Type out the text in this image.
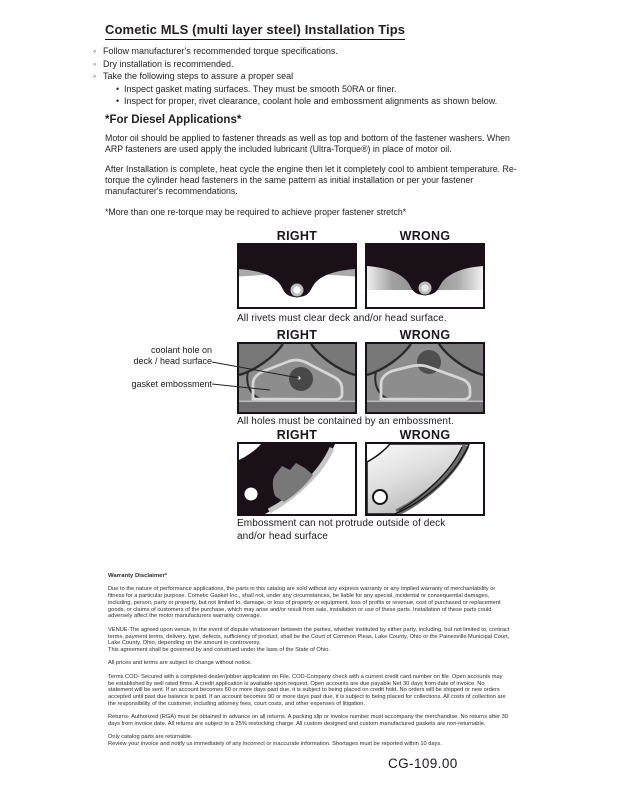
Cometic MLS (multi layer steel) Installation Tips
◦ Follow manufacturer's recommended torque specifications.
◦ Dry installation is recommended.
◦ Take the following steps to assure a proper seal
• Inspect gasket mating surfaces. They must be smooth 50RA or finer.
• Inspect for proper, rivet clearance, coolant hole and embossment alignments as shown below.
*For Diesel Applications*
Motor oil should be applied to fastener threads as well as top and bottom of the fastener washers. When ARP fasteners are used apply the included lubricant (Ultra-Torque®) in place of motor oil.
After Installation is complete, heat cycle the engine then let it completely cool to ambient temperature. Re-torque the cylinder head fasteners in the same pattern as initial installation or per your fastener manufacturer's recommendations.
*More than one re-torque may be required to achieve proper fastener stretch*
RIGHT	WRONG
All rivets must clear deck and/or head surface.
RIGHT	WRONG
coolant hole on
deck / head surface
gasket embossment
All holes must be contained by an embossment.
RIGHT	WRONG
Embossment can not protrude outside of deck
and/or head surface
Warranty Disclaimer*

Due to the nature of performance applications, the parts in this catalog are sold without any express warranty or any implied warranty of merchantability or fitness for a particular purpose. Cometic Gasket Inc., shall not, under any circumstances, be liable for any special, incidental or consequential damages, including, person, party or property, but not limited to, damage, or loss of property or equipment, loss of profits or revenue, cost of purchased or replacement goods, or claims of customers of the purchase, which may arise and/or result from sale, installation or use of these parts. Installation of these parts could adversely affect the motor manufacturers warranty coverage.

VENUE-The agreed upon venue, in the event of dispute whatsoever between the parties, whether instituted by either party, including, but not limited to, contract terms, payment terms, delivery, type, defects, sufficiency of product, shall be the Court of Common Pleas, Lake County, Ohio or the Painesville Municipal Court, Lake County, Ohio, depending on the amount in controversy.

This agreement shall be governed by and construed under the laws of the State of Ohio.

All prices and terms are subject to change without notice.

Terms COD- Secured with a completed dealer/jobber application on File, COD-Company check with a current credit card number on file. Open accounts may be established by well rated firms. A credit application is available upon request. Open accounts are due payable Net 30 days from date of invoice. No statement will be sent. If an account becomes 60 or more days past due, it is subject to being placed on credit hold. No orders will be shipped or new orders accepted until past due balance is paid. If an account becomes 90 or more days past due, it is subject to being placed for collections. All costs of collection are the responsibility of the customer, including attorney fees, court costs, and other expenses of litigation.

Returns- Authorized (RGA) must be obtained in advance on all returns. A packing slip or invoice number must accompany the merchandise. No returns after 30 days from invoice date. All returns are subject to a 25% restocking charge. All custom designed and custom manufactured gaskets are non-returnable.

Only catalog parts are returnable.

Review your invoice and notify us immediately of any incorrect or inaccurate information. Shortages must be reported within 10 days.

CG-109.00
